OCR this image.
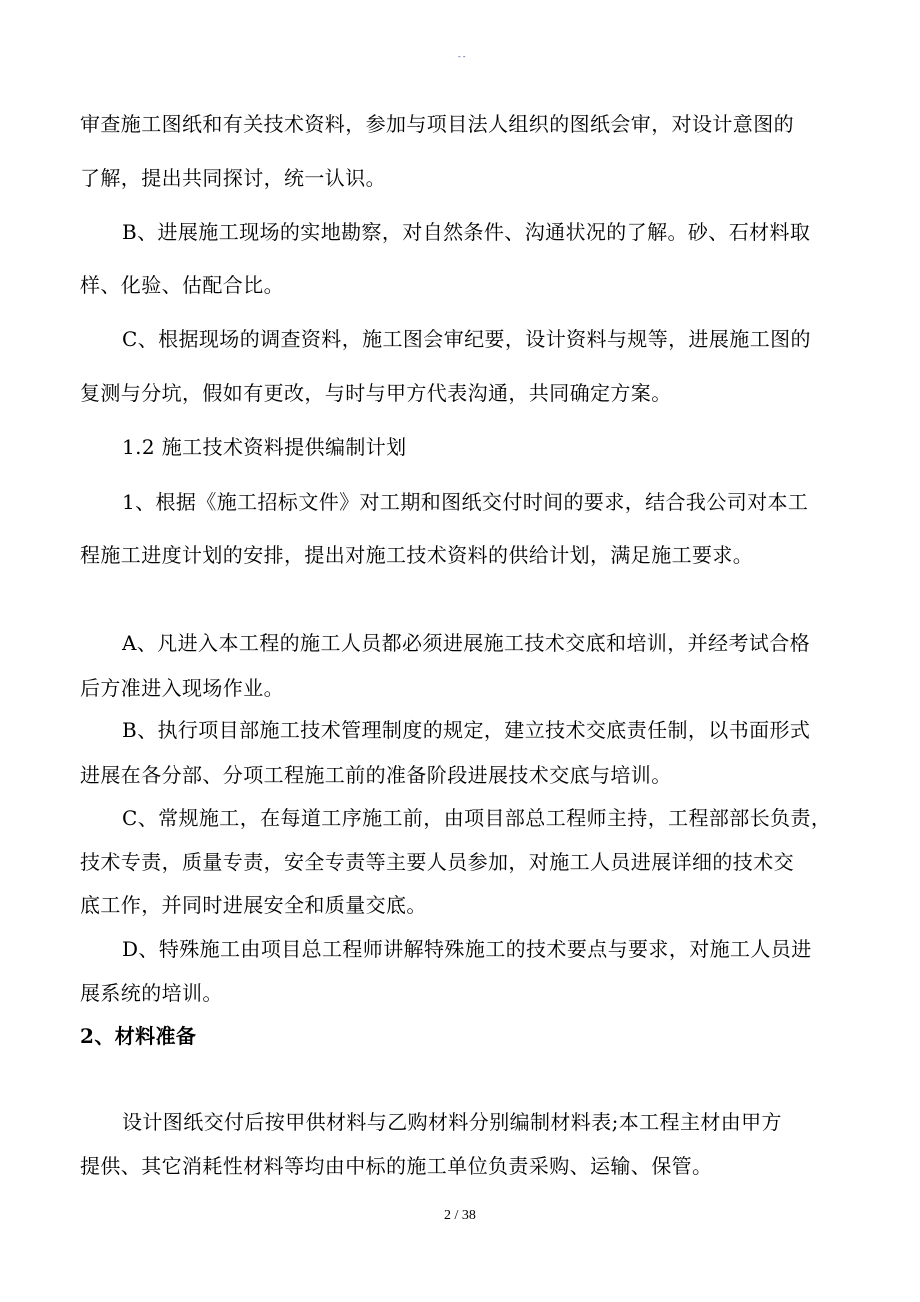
- -
审查施工图纸和有关技术资料，参加与项目法人组织的图纸会审，对设计意图的
了解，提出共同探讨，统一认识。
B、进展施工现场的实地勘察，对自然条件、沟通状况的了解。砂、石材料取
样、化验、估配合比。
C、根据现场的调查资料，施工图会审纪要，设计资料与规等，进展施工图的
复测与分坑，假如有更改，与时与甲方代表沟通，共同确定方案。
1.2 施工技术资料提供编制计划
1、根据《施工招标文件》对工期和图纸交付时间的要求，结合我公司对本工
程施工进度计划的安排，提出对施工技术资料的供给计划，满足施工要求。
A、凡进入本工程的施工人员都必须进展施工技术交底和培训，并经考试合格
后方准进入现场作业。
B、执行项目部施工技术管理制度的规定，建立技术交底责任制，以书面形式
进展在各分部、分项工程施工前的准备阶段进展技术交底与培训。
C、常规施工，在每道工序施工前，由项目部总工程师主持，工程部部长负责，
技术专责，质量专责，安全专责等主要人员参加，对施工人员进展详细的技术交
底工作，并同时进展安全和质量交底。
D、特殊施工由项目总工程师讲解特殊施工的技术要点与要求，对施工人员进
展系统的培训。
2、材料准备
设计图纸交付后按甲供材料与乙购材料分别编制材料表;本工程主材由甲方
提供、其它消耗性材料等均由中标的施工单位负责采购、运输、保管。
2 / 38
